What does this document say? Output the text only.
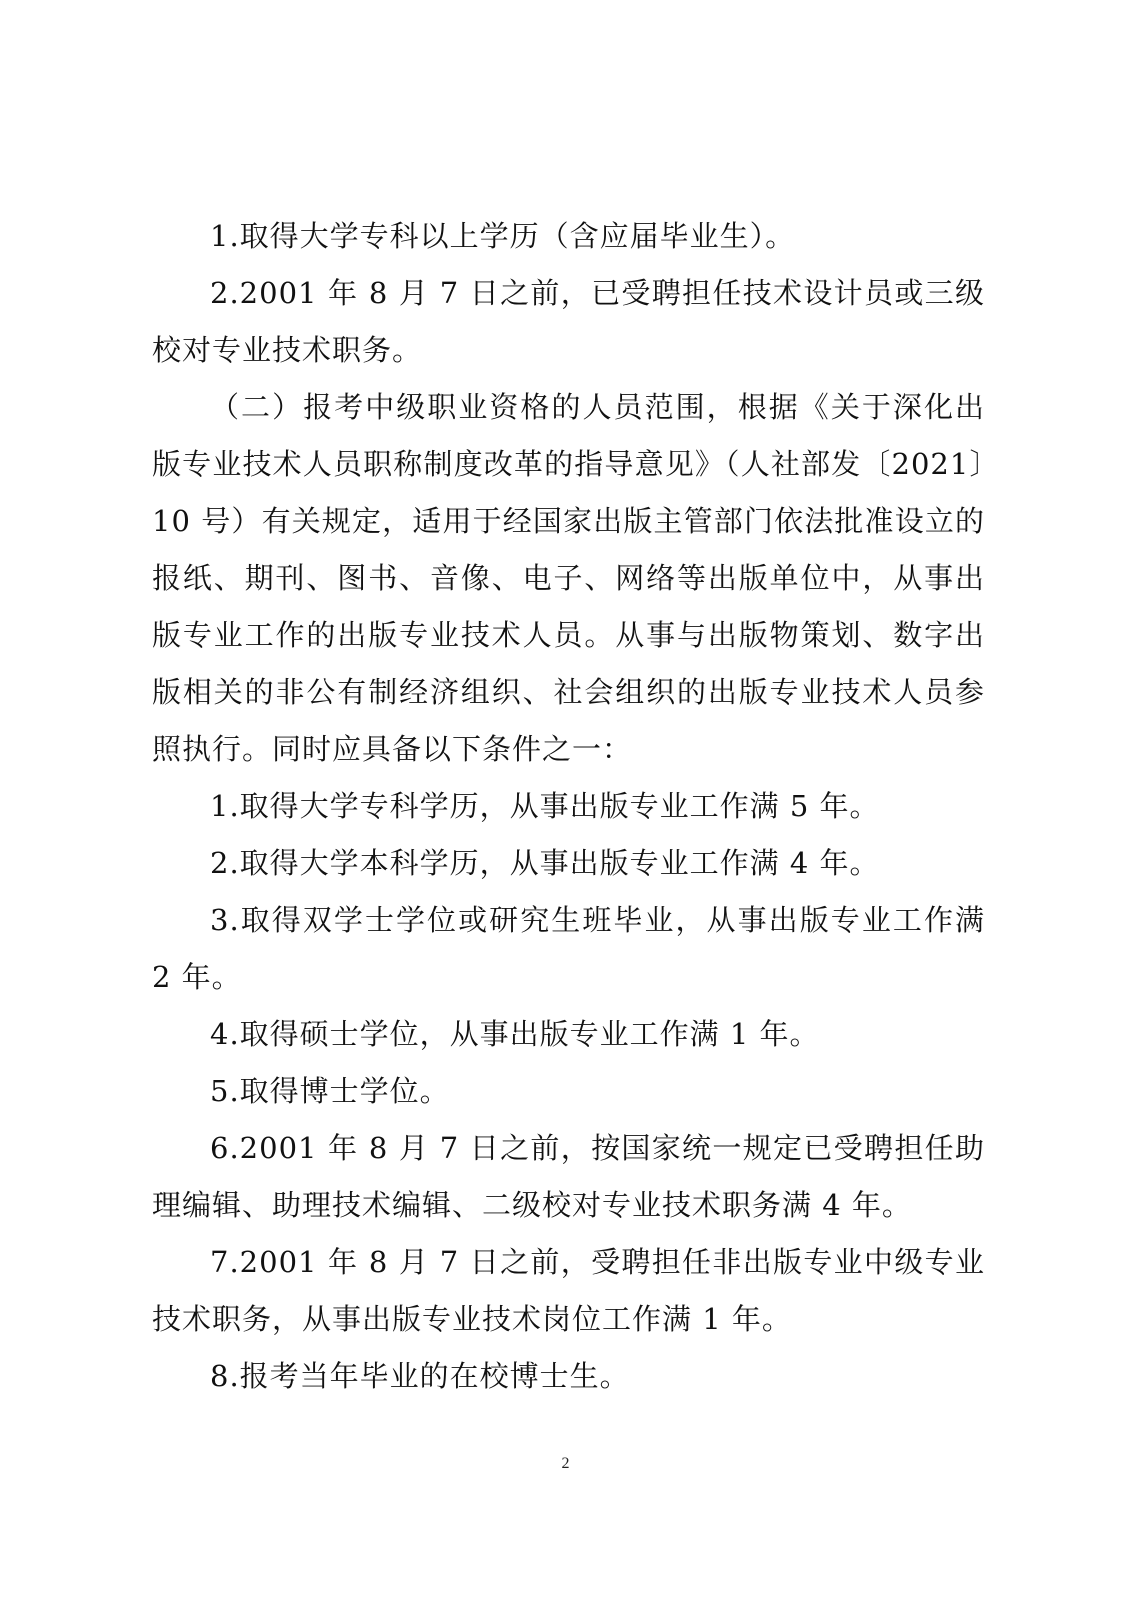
1.取得大学专科以上学历（含应届毕业生）。

2.2001 年 8 月 7 日之前，已受聘担任技术设计员或三级校对专业技术职务。

（二）报考中级职业资格的人员范围，根据《关于深化出版专业技术人员职称制度改革的指导意见》（人社部发〔2021〕10 号）有关规定，适用于经国家出版主管部门依法批准设立的报纸、期刊、图书、音像、电子、网络等出版单位中，从事出版专业工作的出版专业技术人员。从事与出版物策划、数字出版相关的非公有制经济组织、社会组织的出版专业技术人员参照执行。同时应具备以下条件之一：

1.取得大学专科学历，从事出版专业工作满 5 年。

2.取得大学本科学历，从事出版专业工作满 4 年。

3.取得双学士学位或研究生班毕业，从事出版专业工作满 2 年。

4.取得硕士学位，从事出版专业工作满 1 年。

5.取得博士学位。

6.2001 年 8 月 7 日之前，按国家统一规定已受聘担任助理编辑、助理技术编辑、二级校对专业技术职务满 4 年。

7.2001 年 8 月 7 日之前，受聘担任非出版专业中级专业技术职务，从事出版专业技术岗位工作满 1 年。

8.报考当年毕业的在校博士生。

2
